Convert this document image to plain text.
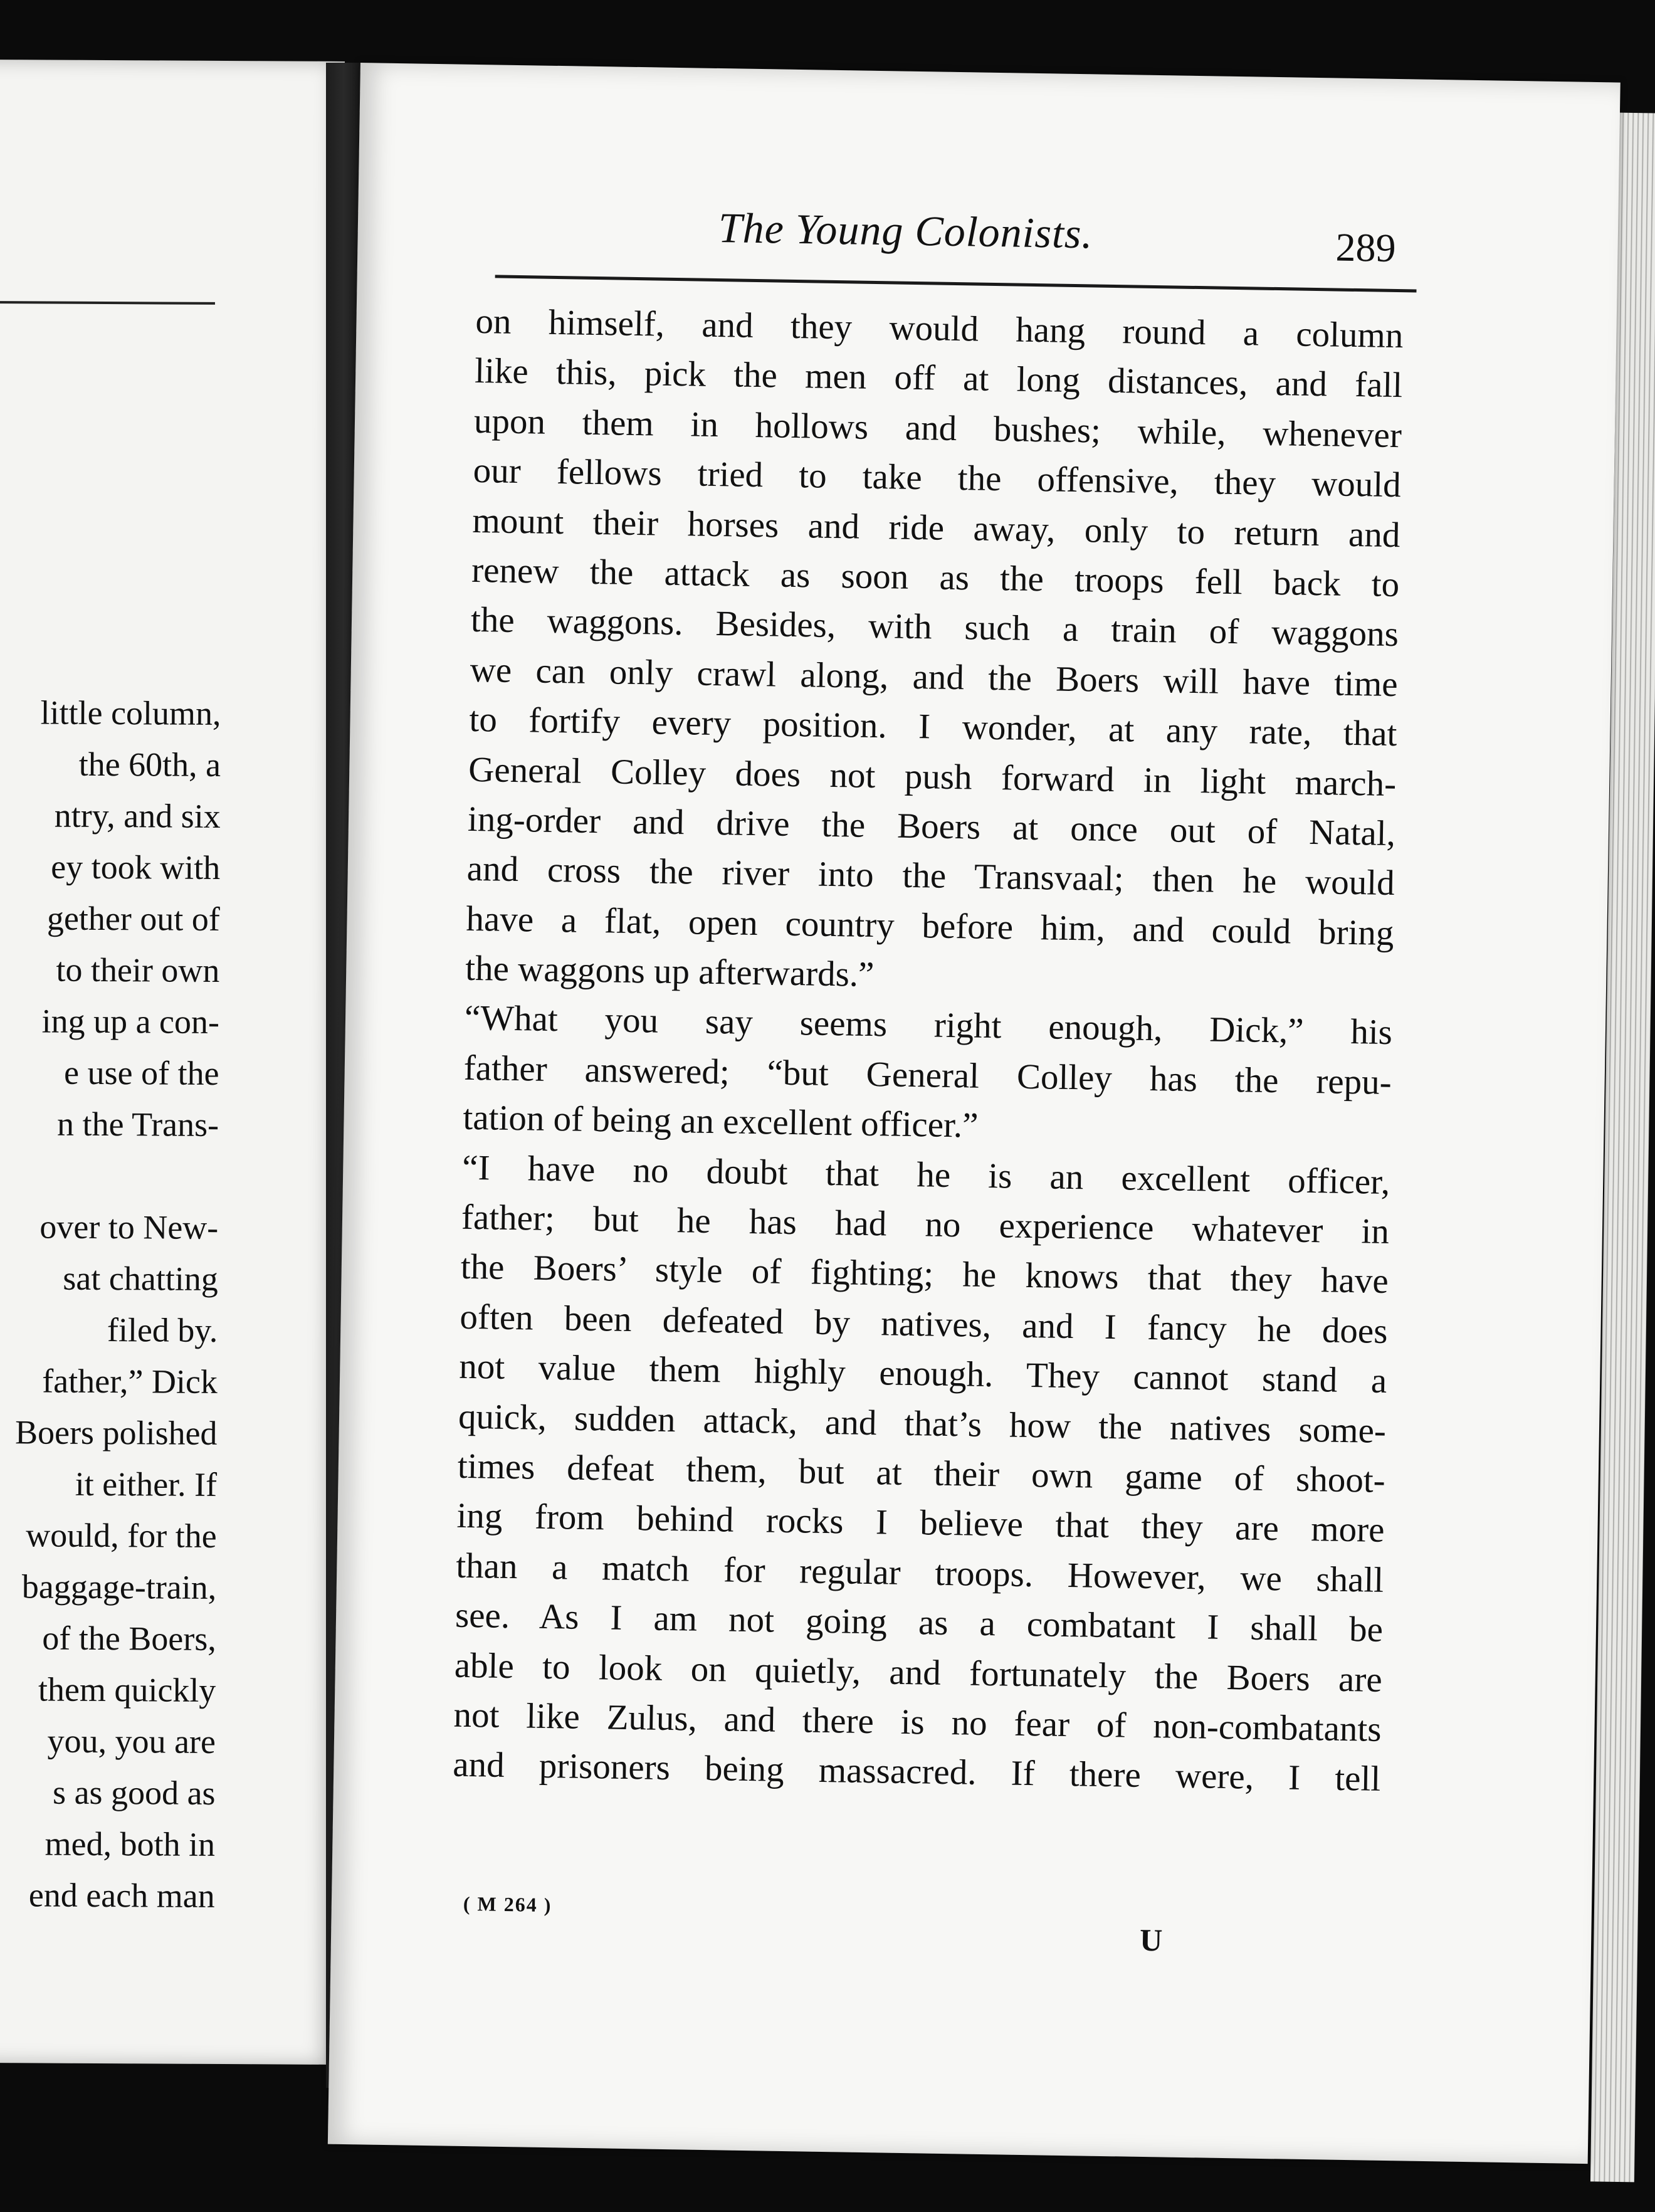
little column,
the 60th, a
ntry, and six
ey took with
gether out of
to their own
ing up a con-
e use of the
n the Trans-
over to New-
sat chatting
filed by.
father,” Dick
Boers polished
it either. If
would, for the
baggage-train,
of the Boers,
them quickly
you, you are
s as good as
med, both in
end each man
The Young Colonists.	289
on himself, and they would hang round a column
like this, pick the men off at long distances, and fall
upon them in hollows and bushes; while, whenever
our fellows tried to take the offensive, they would
mount their horses and ride away, only to return and
renew the attack as soon as the troops fell back to
the waggons. Besides, with such a train of waggons
we can only crawl along, and the Boers will have time
to fortify every position. I wonder, at any rate, that
General Colley does not push forward in light march-
ing-order and drive the Boers at once out of Natal,
and cross the river into the Transvaal; then he would
have a flat, open country before him, and could bring
the waggons up afterwards.”
“What you say seems right enough, Dick,” his
father answered; “but General Colley has the repu-
tation of being an excellent officer.”
“I have no doubt that he is an excellent officer,
father; but he has had no experience whatever in
the Boers’ style of fighting; he knows that they have
often been defeated by natives, and I fancy he does
not value them highly enough. They cannot stand a
quick, sudden attack, and that’s how the natives some-
times defeat them, but at their own game of shoot-
ing from behind rocks I believe that they are more
than a match for regular troops. However, we shall
see. As I am not going as a combatant I shall be
able to look on quietly, and fortunately the Boers are
not like Zulus, and there is no fear of non-combatants
and prisoners being massacred. If there were, I tell
( M 264 )
U
